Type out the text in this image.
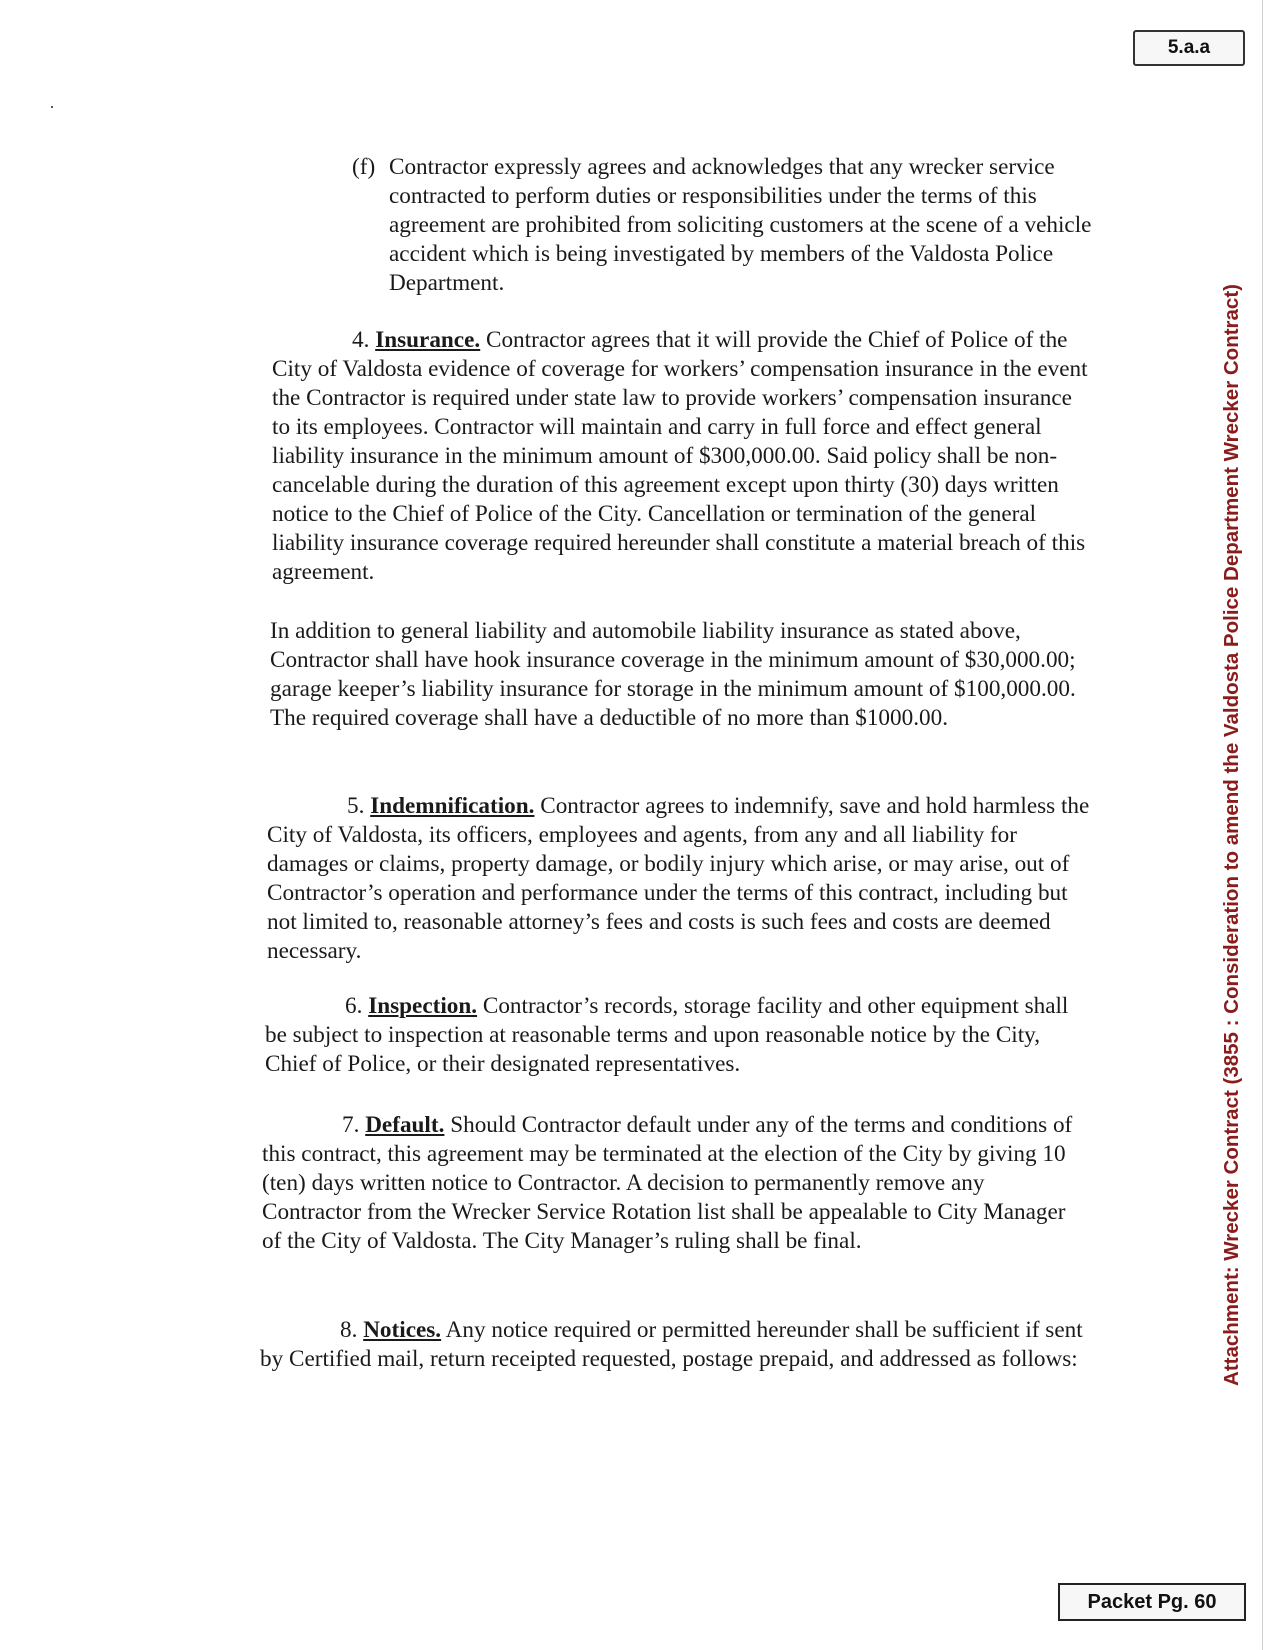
5.a.a
Attachment: Wrecker Contract (3855 : Consideration to amend the Valdosta Police Department Wrecker Contract)

(f) Contractor expressly agrees and acknowledges that any wrecker service contracted to perform duties or responsibilities under the terms of this agreement are prohibited from soliciting customers at the scene of a vehicle accident which is being investigated by members of the Valdosta Police Department.

4. Insurance. Contractor agrees that it will provide the Chief of Police of the City of Valdosta evidence of coverage for workers’ compensation insurance in the event the Contractor is required under state law to provide workers’ compensation insurance to its employees. Contractor will maintain and carry in full force and effect general liability insurance in the minimum amount of $300,000.00. Said policy shall be non-cancelable during the duration of this agreement except upon thirty (30) days written notice to the Chief of Police of the City. Cancellation or termination of the general liability insurance coverage required hereunder shall constitute a material breach of this agreement.

In addition to general liability and automobile liability insurance as stated above, Contractor shall have hook insurance coverage in the minimum amount of $30,000.00; garage keeper’s liability insurance for storage in the minimum amount of $100,000.00. The required coverage shall have a deductible of no more than $1000.00.

5. Indemnification. Contractor agrees to indemnify, save and hold harmless the City of Valdosta, its officers, employees and agents, from any and all liability for damages or claims, property damage, or bodily injury which arise, or may arise, out of Contractor’s operation and performance under the terms of this contract, including but not limited to, reasonable attorney’s fees and costs is such fees and costs are deemed necessary.

6. Inspection. Contractor’s records, storage facility and other equipment shall be subject to inspection at reasonable terms and upon reasonable notice by the City, Chief of Police, or their designated representatives.

7. Default. Should Contractor default under any of the terms and conditions of this contract, this agreement may be terminated at the election of the City by giving 10 (ten) days written notice to Contractor. A decision to permanently remove any Contractor from the Wrecker Service Rotation list shall be appealable to City Manager of the City of Valdosta. The City Manager’s ruling shall be final.

8. Notices. Any notice required or permitted hereunder shall be sufficient if sent by Certified mail, return receipted requested, postage prepaid, and addressed as follows:

Packet Pg. 60
